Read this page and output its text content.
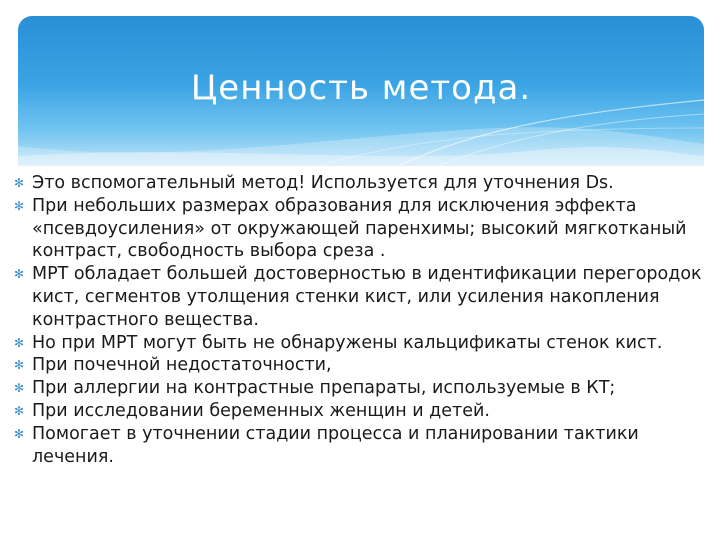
Ценность метода.
✻ Это вспомогательный метод! Используется для уточнения Ds.
✻ При небольших размерах образования для исключения эффекта «псевдоусиления» от окружающей паренхимы; высокий мягкотканый контраст, свободность выбора среза .
✻ МРТ обладает большей достоверностью в идентификации перегородок кист, сегментов утолщения стенки кист, или усиления накопления контрастного вещества.
✻ Но при МРТ могут быть не обнаружены кальцификаты стенок кист.
✻ При почечной недостаточности,
✻ При аллергии на контрастные препараты, используемые в КТ;
✻ При исследовании беременных женщин и детей.
✻ Помогает в уточнении стадии процесса и планировании тактики лечения.
